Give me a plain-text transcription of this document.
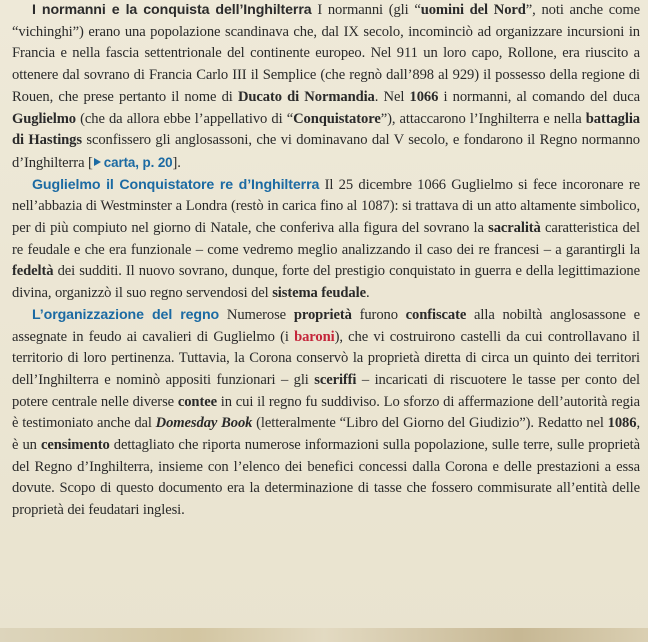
I normanni e la conquista dell’Inghilterra I normanni (gli “uomini del Nord”, noti anche come “vichinghi”) erano una popolazione scandinava che, dal IX secolo, incominciò ad organizzare incursioni in Francia e nella fascia settentrionale del continente europeo. Nel 911 un loro capo, Rollone, era riuscito a ottenere dal sovrano di Francia Carlo III il Semplice (che regnò dall’898 al 929) il possesso della regione di Rouen, che prese pertanto il nome di Ducato di Normandia. Nel 1066 i normanni, al comando del duca Guglielmo (che da allora ebbe l’appellativo di “Conquistatore”), attaccarono l’Inghilterra e nella battaglia di Hastings sconfissero gli anglosassoni, che vi dominavano dal V secolo, e fondarono il Regno normanno d’Inghilterra [ carta, p. 20].

Guglielmo il Conquistatore re d’Inghilterra Il 25 dicembre 1066 Guglielmo si fece incoronare re nell’abbazia di Westminster a Londra (restò in carica fino al 1087): si trattava di un atto altamente simbolico, per di più compiuto nel giorno di Natale, che conferiva alla figura del sovrano la sacralità caratteristica del re feudale e che era funzionale – come vedremo meglio analizzando il caso dei re francesi – a garantirgli la fedeltà dei sudditi. Il nuovo sovrano, dunque, forte del prestigio conquistato in guerra e della legittimazione divina, organizzò il suo regno servendosi del sistema feudale.

L’organizzazione del regno Numerose proprietà furono confiscate alla nobiltà anglosassone e assegnate in feudo ai cavalieri di Guglielmo (i baroni), che vi costruirono castelli da cui controllavano il territorio di loro pertinenza. Tuttavia, la Corona conservò la proprietà diretta di circa un quinto dei territori dell’Inghilterra e nominò appositi funzionari – gli sceriffi – incaricati di riscuotere le tasse per conto del potere centrale nelle diverse contee in cui il regno fu suddiviso. Lo sforzo di affermazione dell’autorità regia è testimoniato anche dal Domesday Book (letteralmente “Libro del Giorno del Giudizio”). Redatto nel 1086, è un censimento dettagliato che riporta numerose informazioni sulla popolazione, sulle terre, sulle proprietà del Regno d’Inghilterra, insieme con l’elenco dei benefici concessi dalla Corona e delle prestazioni a essa dovute. Scopo di questo documento era la determinazione di tasse che fossero commisurate all’entità delle proprietà dei feudatari inglesi.
